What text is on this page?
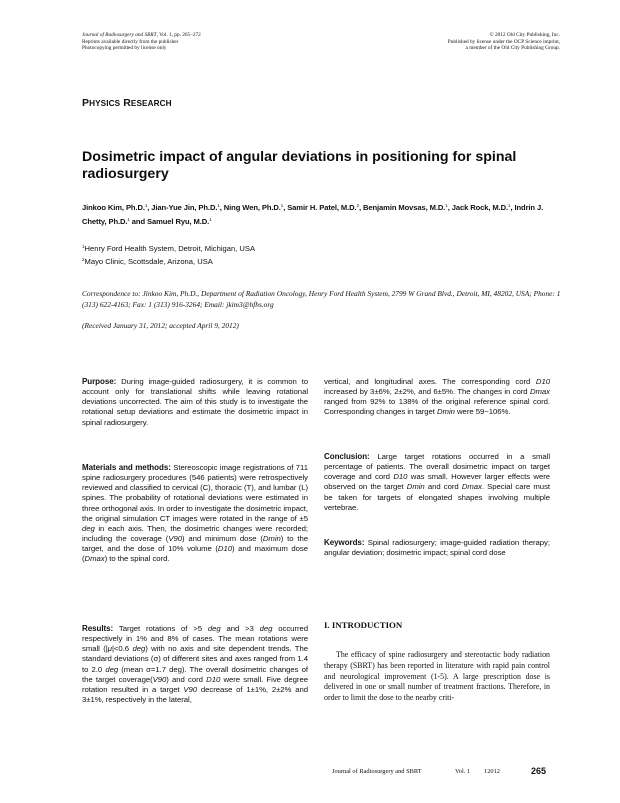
Journal of Radiosurgery and SBRT, Vol. 1, pp. 265–272
Reprints available directly from the publisher
Photocopying permitted by license only
© 2012 Old City Publishing, Inc.
Published by license under the OCP Science imprint,
a member of the Old City Publishing Group.
PHYSICS RESEARCH
Dosimetric impact of angular deviations in positioning for spinal radiosurgery
Jinkoo Kim, Ph.D.$^1$, Jian-Yue Jin, Ph.D.$^1$, Ning Wen, Ph.D.$^1$, Samir H. Patel, M.D.$^2$, Benjamin Movsas, M.D.$^1$, Jack Rock, M.D.$^1$, Indrin J. Chetty, Ph.D.$^1$ and Samuel Ryu, M.D.$^1$
$^1$Henry Ford Health System, Detroit, Michigan, USA
$^2$Mayo Clinic, Scottsdale, Arizona, USA
Correspondence to: Jinkoo Kim, Ph.D., Department of Radiation Oncology, Henry Ford Health System, 2799 W Grand Blvd., Detroit, MI, 48202, USA; Phone: 1 (313) 622-4163; Fax: 1 (313) 916-3264; Email: jkim3@hfhs.org
(Received January 31, 2012; accepted April 9, 2012)

Purpose: During image-guided radiosurgery, it is common to account only for translational shifts while leaving rotational deviations uncorrected. The aim of this study is to investigate the rotational setup deviations and estimate the dosimetric impact in spinal radiosurgery.

Materials and methods: Stereoscopic image registrations of 711 spine radiosurgery procedures (546 patients) were retrospectively reviewed and classified to cervical (C), thoracic (T), and lumbar (L) spines. The probability of rotational deviations were estimated in three orthogonal axis. In order to investigate the dosimetric impact, the original simulation CT images were rotated in the range of ±5 deg in each axis. Then, the dosimetric changes were recorded; including the coverage (V90) and minimum dose (Dmin) to the target, and the dose of 10% volume (D10) and maximum dose (Dmax) to the spinal cord.

Results: Target rotations of >5 deg and >3 deg occurred respectively in 1% and 8% of cases. The mean rotations were small (|μ|<0.6 deg) with no axis and site dependent trends. The standard deviations (σ) of different sites and axes ranged from 1.4 to 2.0 deg (mean σ=1.7 deg). The overall dosimetric changes of the target coverage(V90) and cord D10 were small. Five degree rotation resulted in a target V90 decrease of 1±1%, 2±2% and 3±1%, respectively in the lateral,

vertical, and longitudinal axes. The corresponding cord D10 increased by 3±6%, 2±2%, and 6±5%. The changes in cord Dmax ranged from 92% to 138% of the original reference spinal cord. Corresponding changes in target Dmin were 59~106%.

Conclusion: Large target rotations occurred in a small percentage of patients. The overall dosimetric impact on target coverage and cord D10 was small. However larger effects were observed on the target Dmin and cord Dmax. Special care must be taken for targets of elongated shapes involving multiple vertebrae.

Keywords: Spinal radiosurgery; image-guided radiation therapy; angular deviation; dosimetric impact; spinal cord dose

I. INTRODUCTION
The efficacy of spine radiosurgery and stereotactic body radiation therapy (SBRT) has been reported in literature with rapid pain control and neurological improvement (1-5). A large prescription dose is delivered in one or small number of treatment fractions. Therefore, in order to limit the dose to the nearby criti-
Journal of Radiosurgery and SBRT	Vol. 1 12012	265
